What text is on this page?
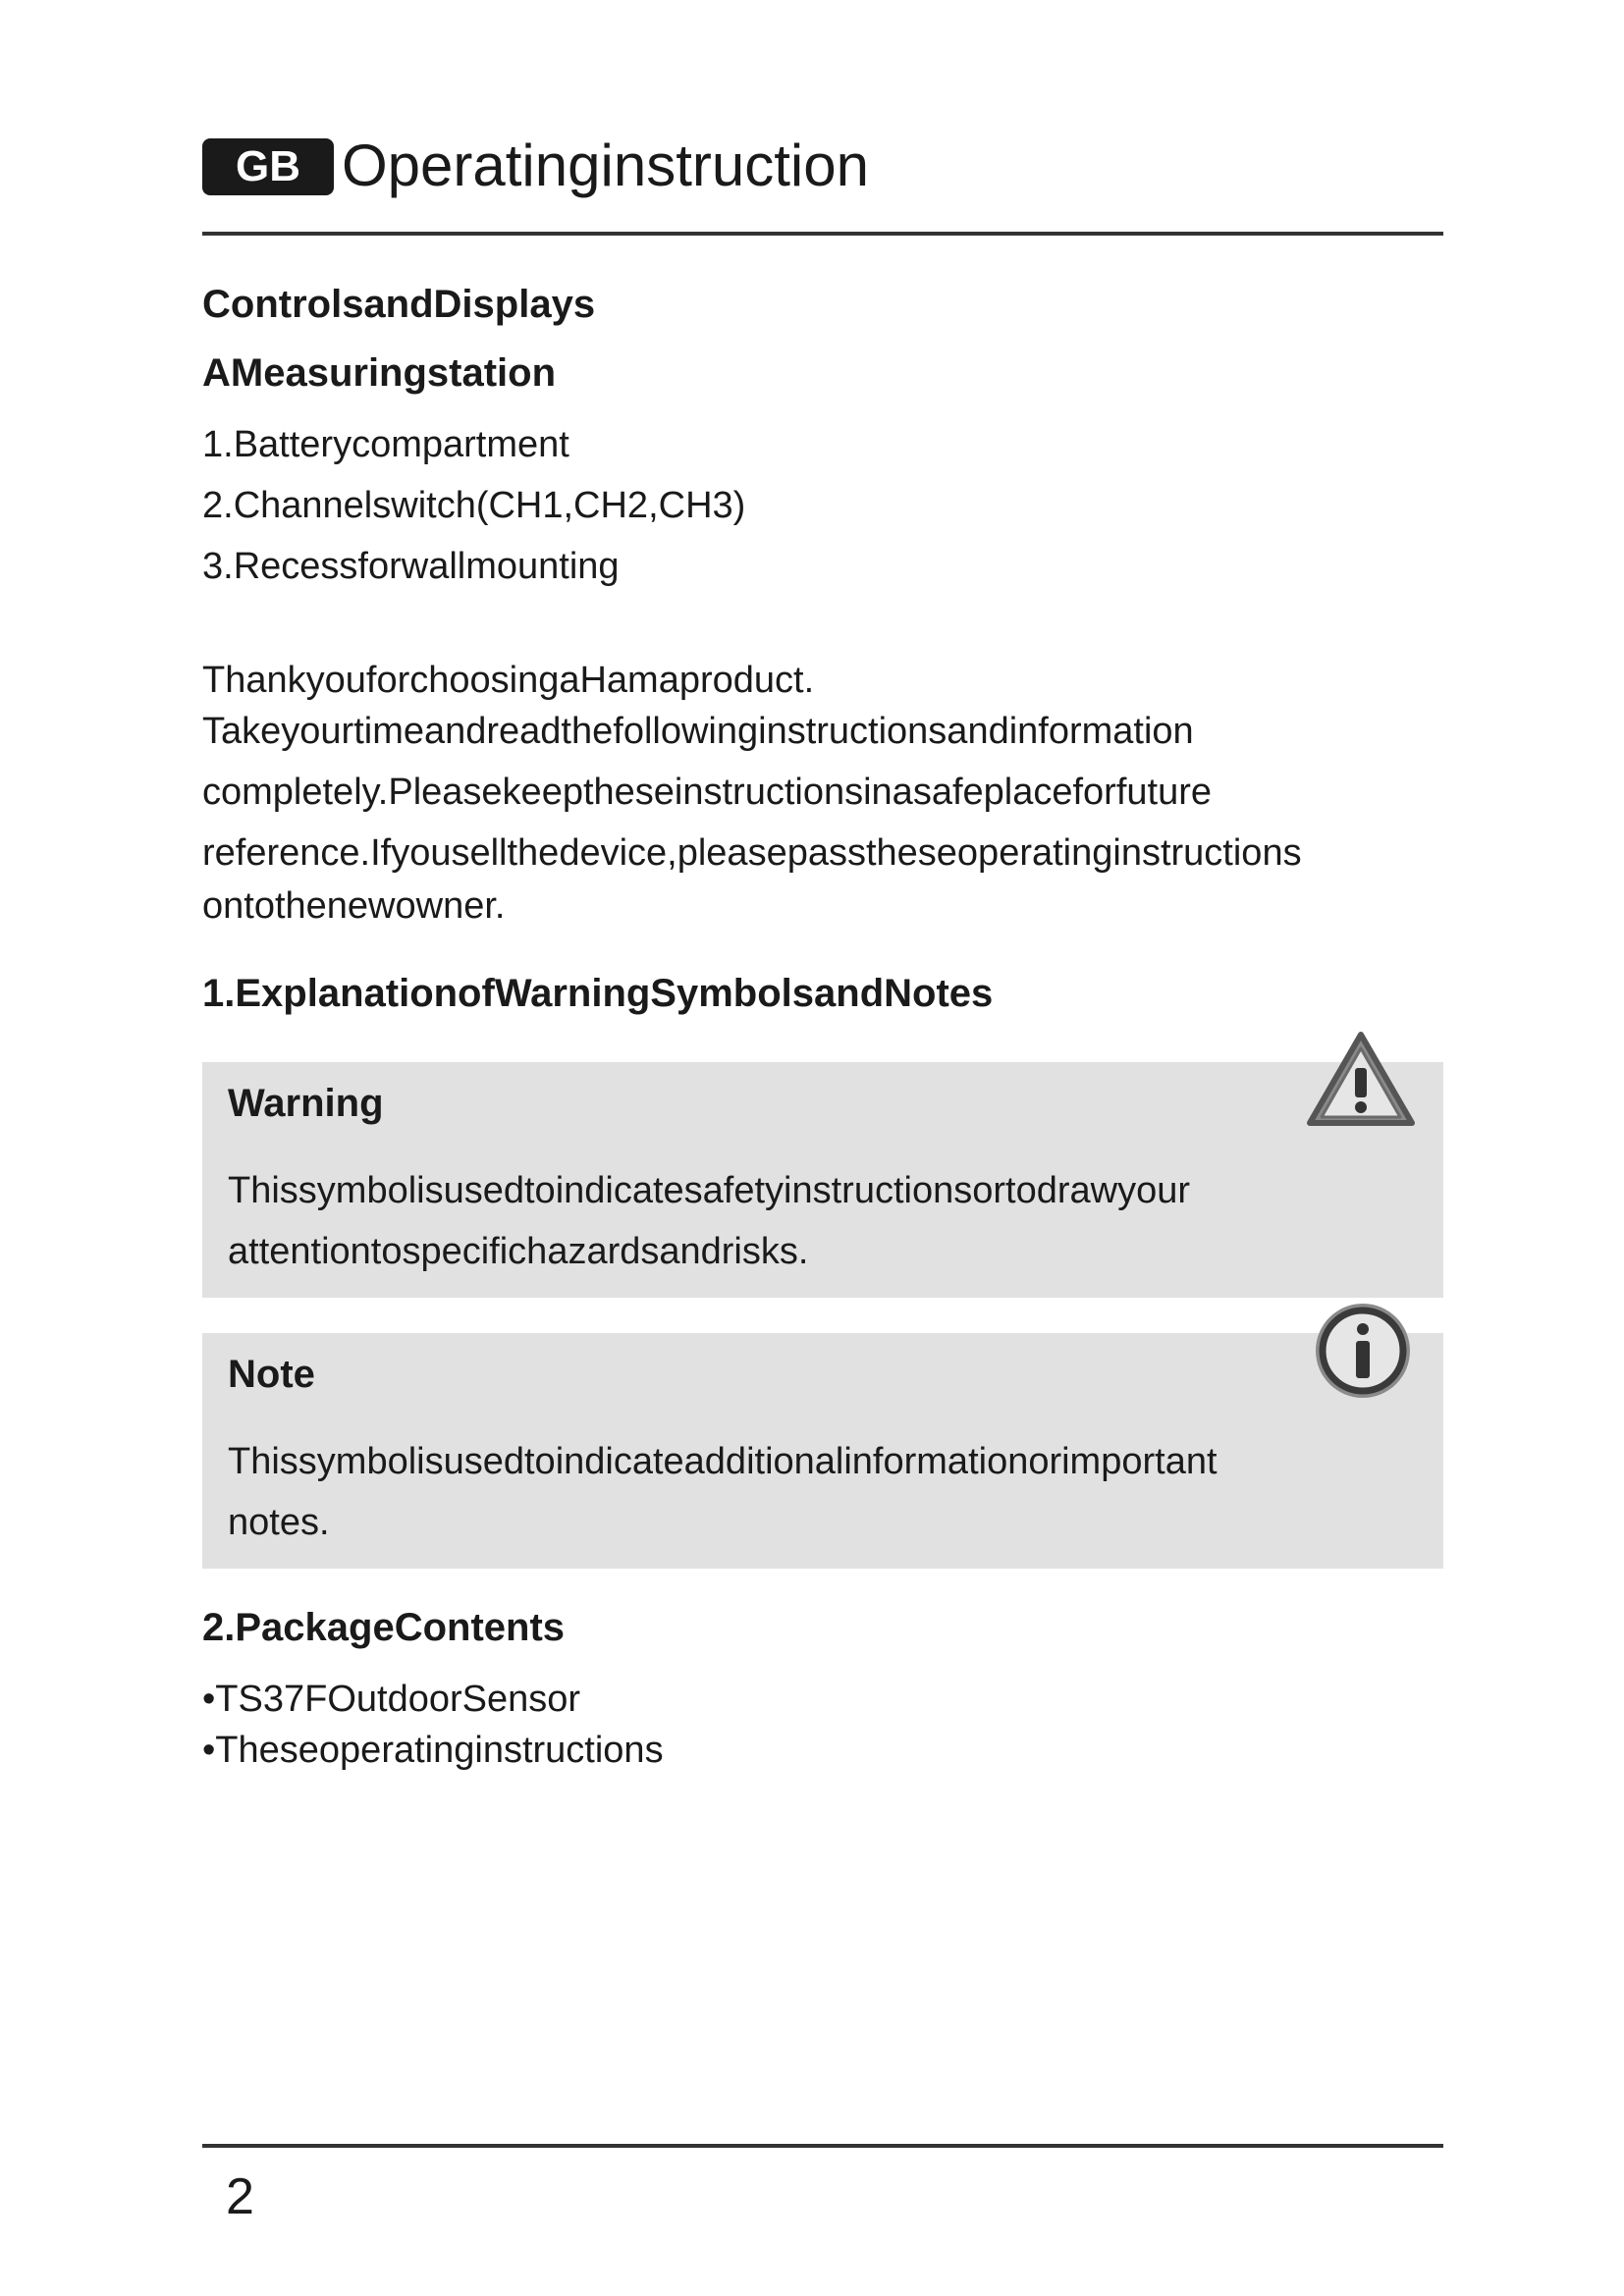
GB Operatinginstruction
ControlsandDisplays
AMeasuringstation
1.Batterycompartment
2.Channelswitch(CH1,CH2,CH3)
3.Recessforwallmounting
ThankyouforchoosingaHamaproduct.
Takeyourtimeandreadthefollowinginstructionsandinformation
completely.Pleasekeeptheseinstructionsinasafeplaceforfuture
reference.Ifyousellthedevice,pleasepasstheseoperatinginstructions
ontothenewowner.
1.ExplanationofWarningSymbolsandNotes
Warning
Thissymbolisusedtoindicatesafetyinstructionsortodrawyour
attentiontospecifichazardsandrisks.
Note
Thissymbolisusedtoindicateadditionalinformationorimportant
notes.
2.PackageContents
•TS37FOutdoorSensor
•Theseoperatinginstructions
2
